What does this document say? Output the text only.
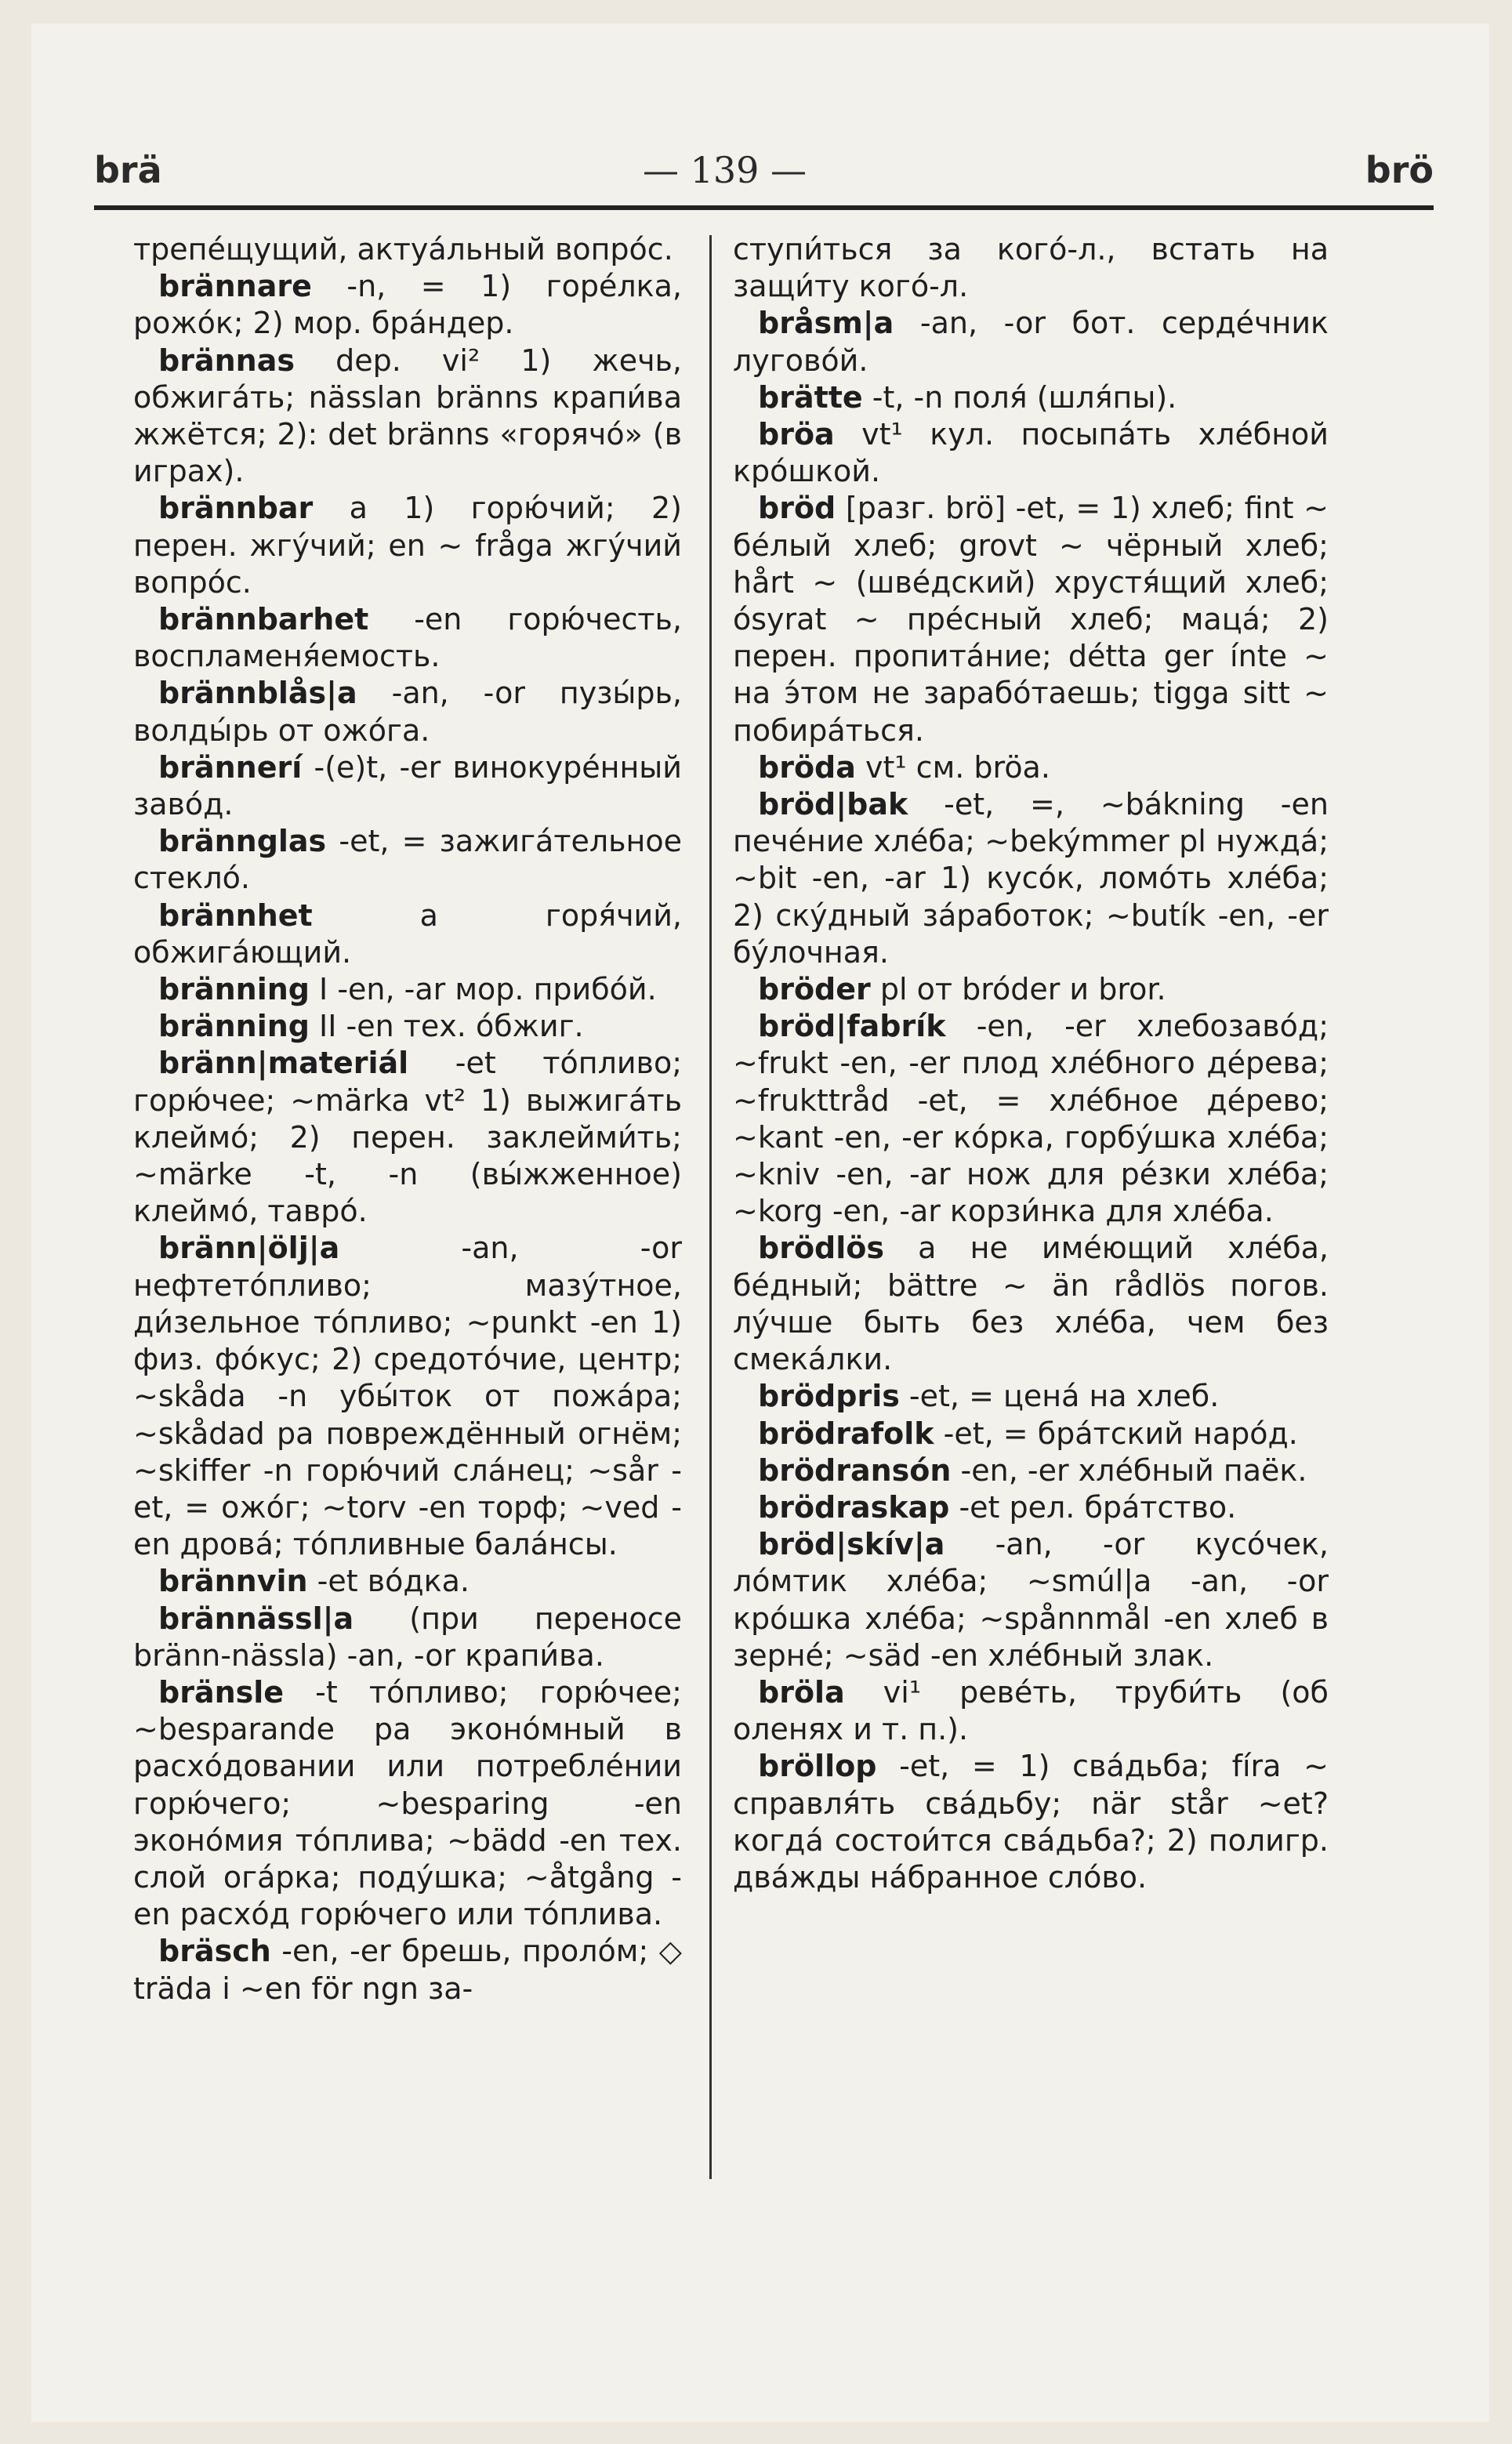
brä	— 139 —	brö

трепе́щущий, актуа́льный вопро́с.

brännare -n, = 1) горе́лка, рожо́к; 2) мор. бра́ндер.

brännas dep. vi² 1) жечь, обжига́ть; nässlan bränns крапи́ва жжётся; 2): det bränns «горячо́» (в играх).

brännbar a 1) горю́чий; 2) перен. жгу́чий; en ~ fråga жгу́чий вопро́с.

brännbarhet -en горю́честь, воспламеня́емость.

brännblås|a -an, -or пузы́рь, волды́рь от ожо́га.

brännerí -(e)t, -er винокуре́нный заво́д.

brännglas -et, = зажига́тельное стекло́.

brännhet a горя́чий, обжига́ющий.

bränning I -en, -ar мор. прибо́й.

bränning II -en тех. о́бжиг.

bränn|materiál -et то́пливо; горю́чее; ~märka vt² 1) выжига́ть клеймо́; 2) перен. заклейми́ть; ~märke -t, -n (вы́жженное) клеймо́, тавро́.

bränn|ölj|a -an, -or нефтето́пливо; мазу́тное, ди́зельное то́пливо; ~punkt -en 1) физ. фо́кус; 2) средото́чие, центр; ~skåda -n убы́ток от пожа́ра; ~skådad pa повреждённый огнём; ~skiffer -n горю́чий сла́нец; ~sår -et, = ожо́г; ~torv -en торф; ~ved -en дрова́; то́пливные бала́нсы.

brännvin -et во́дка.

brännässl|a (при переносе bränn-nässla) -an, -or крапи́ва.

bränsle -t то́пливо; горю́чее; ~besparande pa эконо́мный в расхо́довании или потребле́нии горю́чего; ~besparing -en эконо́мия то́плива; ~bädd -en тех. слой ога́рка; поду́шка; ~åtgång -en расхо́д горю́чего или то́плива.

bräsch -en, -er брешь, проло́м; ◇ träda i ~en för ngn за-

ступи́ться за кого́-л., встать на защи́ту кого́-л.

bråsm|a -an, -or бот. серде́чник лугово́й.

brätte -t, -n поля́ (шля́пы).

bröa vt¹ кул. посыпа́ть хле́бной кро́шкой.

bröd [разг. brö] -et, = 1) хлеб; fint ~ бе́лый хлеб; grovt ~ чёрный хлеб; hårt ~ (шве́дский) хрустя́щий хлеб; ósyrat ~ пре́сный хлеб; маца́; 2) перен. пропита́ние; détta ger ínte ~ на э́том не зарабо́таешь; tigga sitt ~ побира́ться.

bröda vt¹ см. bröa.

bröd|bak -et, =, ~bákning -en пече́ние хле́ба; ~bekýmmer pl нужда́; ~bit -en, -ar 1) кусо́к, ломо́ть хле́ба; 2) ску́дный за́работок; ~butík -en, -er бу́лочная.

bröder pl от bróder и bror.

bröd|fabrík -en, -er хлебозаво́д; ~frukt -en, -er плод хле́бного де́рева; ~frukttråd -et, = хле́бное де́рево; ~kant -en, -er ко́рка, горбу́шка хле́ба; ~kniv -en, -ar нож для ре́зки хле́ба; ~korg -en, -ar корзи́нка для хле́ба.

brödlös a не име́ющий хле́ба, бе́дный; bättre ~ än rådlös погов. лу́чше быть без хле́ба, чем без смека́лки.

brödpris -et, = цена́ на хлеб.

brödrafolk -et, = бра́тский наро́д.

brödransón -en, -er хле́бный паёк.

brödraskap -et рел. бра́тство.

bröd|skív|a -an, -or кусо́чек, ло́мтик хле́ба; ~smúl|a -an, -or кро́шка хле́ба; ~spånnmål -en хлеб в зерне́; ~säd -en хле́бный злак.

bröla vi¹ реве́ть, труби́ть (об оленях и т. п.).

bröllop -et, = 1) сва́дьба; fíra ~ справля́ть сва́дьбу; när står ~et? когда́ состои́тся сва́дьба?; 2) полигр. два́жды на́бранное сло́во.
